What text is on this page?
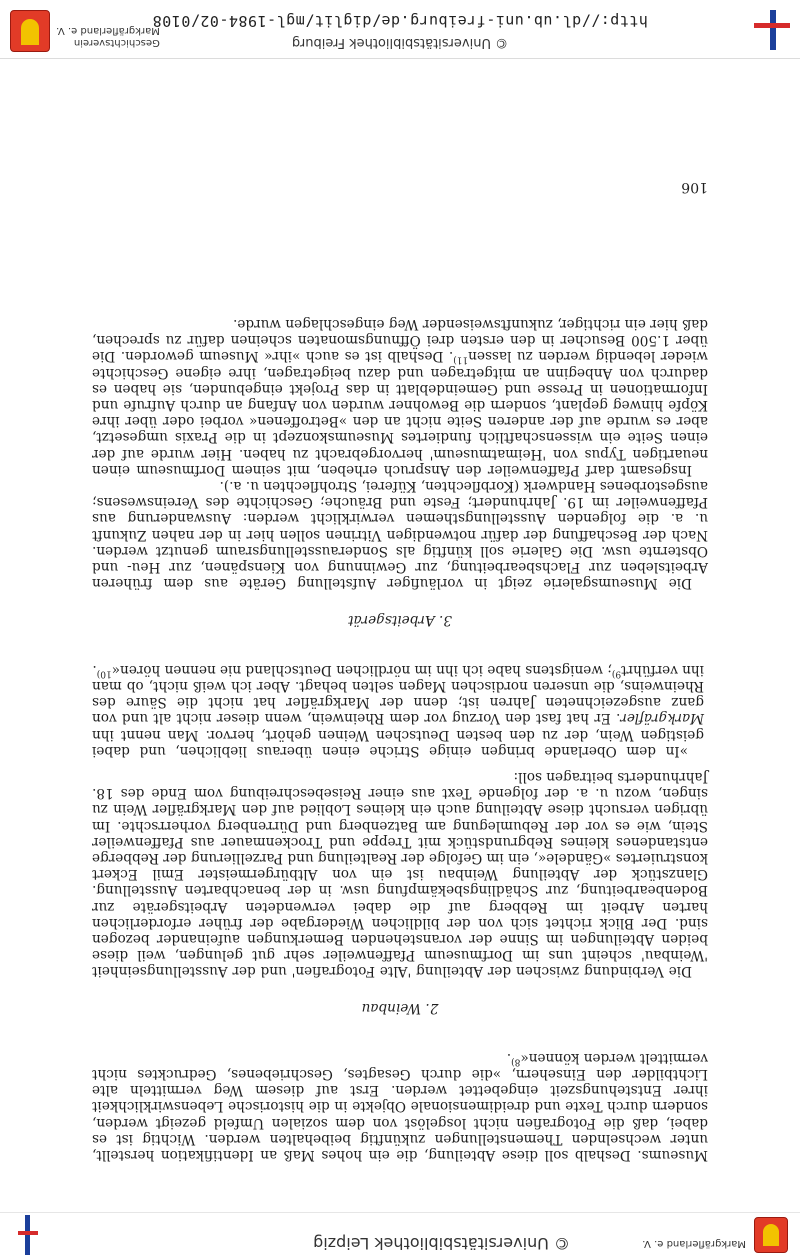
Markgräflerland e. V.
© Universitätsbibliothek Leipzig

Museums. Deshalb soll diese Abteilung, die ein hohes Maß an Identifikation herstellt, unter wechselnden Themenstellungen zukünftig beibehalten werden. Wichtig ist es dabei, daß die Fotografien nicht losgelöst von dem sozialen Umfeld gezeigt werden, sondern durch Texte und dreidimensionale Objekte in die historische Lebenswirklichkeit ihrer Entstehungszeit eingebettet werden. Erst auf diesem Weg vermitteln alte Lichtbilder den Einsehern, »die durch Gesagtes, Geschriebenes, Gedrucktes nicht vermittelt werden können«$^{8)}$.

2. Weinbau

Die Verbindung zwischen der Abteilung 'Alte Fotografien' und der Ausstellungseinheit 'Weinbau' scheint uns im Dorfmuseum Pfaffenweiler sehr gut gelungen, weil diese beiden Abteilungen im Sinne der voranstehenden Bemerkungen aufeinander bezogen sind. Der Blick richtet sich von der bildlichen Wiedergabe der früher erforderlichen harten Arbeit im Rebberg auf die dabei verwendeten Arbeitsgeräte zur Bodenbearbeitung, zur Schädlingsbekämpfung usw. in der benachbarten Ausstellung. Glanzstück der Abteilung Weinbau ist ein von Altbürgermeister Emil Eckert konstruiertes »Gändele«, ein im Gefolge der Realteilung und Parzellierung der Rebberge entstandenes kleines Rebgrundstück mit Treppe und Trockenmauer aus Pfaffenweiler Stein, wie es vor der Rebumlegung am Batzenberg und Dürrenberg vorherrschte. Im übrigen versucht diese Abteilung auch ein kleines Loblied auf den Markgräfler Wein zu singen, wozu u. a. der folgende Text aus einer Reisebeschreibung vom Ende des 18. Jahrhunderts beitragen soll:

»In dem Oberlande bringen einige Striche einen überaus lieblichen, und dabei geistigen Wein, der zu den besten Deutschen Weinen gehört, hervor. Man nennt ihn Markgräfler. Er hat fast den Vorzug vor dem Rheinwein, wenn dieser nicht alt und von ganz ausgezeichneten Jahren ist; denn der Markgräfler hat nicht die Säure des Rheinweins, die unseren nordischen Magen selten behagt. Aber ich weiß nicht, ob man ihn verführt$^{9)}$; wenigstens habe ich ihn im nördlichen Deutschland nie nennen hören«$^{10)}$.

3. Arbeitsgerät

Die Museumsgalerie zeigt in vorläufiger Aufstellung Geräte aus dem früheren Arbeitsleben zur Flachsbearbeitung, zur Gewinnung von Kienspänen, zur Heu- und Obsternte usw. Die Galerie soll künftig als Sonderausstellungsraum genutzt werden. Nach der Beschaffung der dafür notwendigen Vitrinen sollen hier in der nahen Zukunft u. a. die folgenden Ausstellungsthemen verwirklicht werden: Auswanderung aus Pfaffenweiler im 19. Jahrhundert; Feste und Bräuche; Geschichte des Vereinswesens; ausgestorbenes Handwerk (Korbflechten, Küferei, Strohflechten u. a.).

Insgesamt darf Pfaffenweiler den Anspruch erheben, mit seinem Dorfmuseum einen neuartigen Typus von 'Heimatmuseum' hervorgebracht zu haben. Hier wurde auf der einen Seite ein wissenschaftlich fundiertes Museumskonzept in die Praxis umgesetzt, aber es wurde auf der anderen Seite nicht an den »Betroffenen« vorbei oder über ihre Köpfe hinweg geplant, sondern die Bewohner wurden von Anfang an durch Aufrufe und Informationen in Presse und Gemeindeblatt in das Projekt eingebunden, sie haben es dadurch von Anbeginn an mitgetragen und dazu beigetragen, ihre eigene Geschichte wieder lebendig werden zu lassen$^{11)}$. Deshalb ist es auch »ihr« Museum geworden. Die über 1.500 Besucher in den ersten drei Öffnungsmonaten scheinen dafür zu sprechen, daß hier ein richtiger, zukunftsweisender Weg eingeschlagen wurde.

106
© Universitätsbibliothek Freiburg
http://dl.ub.uni-freiburg.de/diglit/mgl-1984-02/0108
Geschichtsverein
Markgräflerland e. V.
